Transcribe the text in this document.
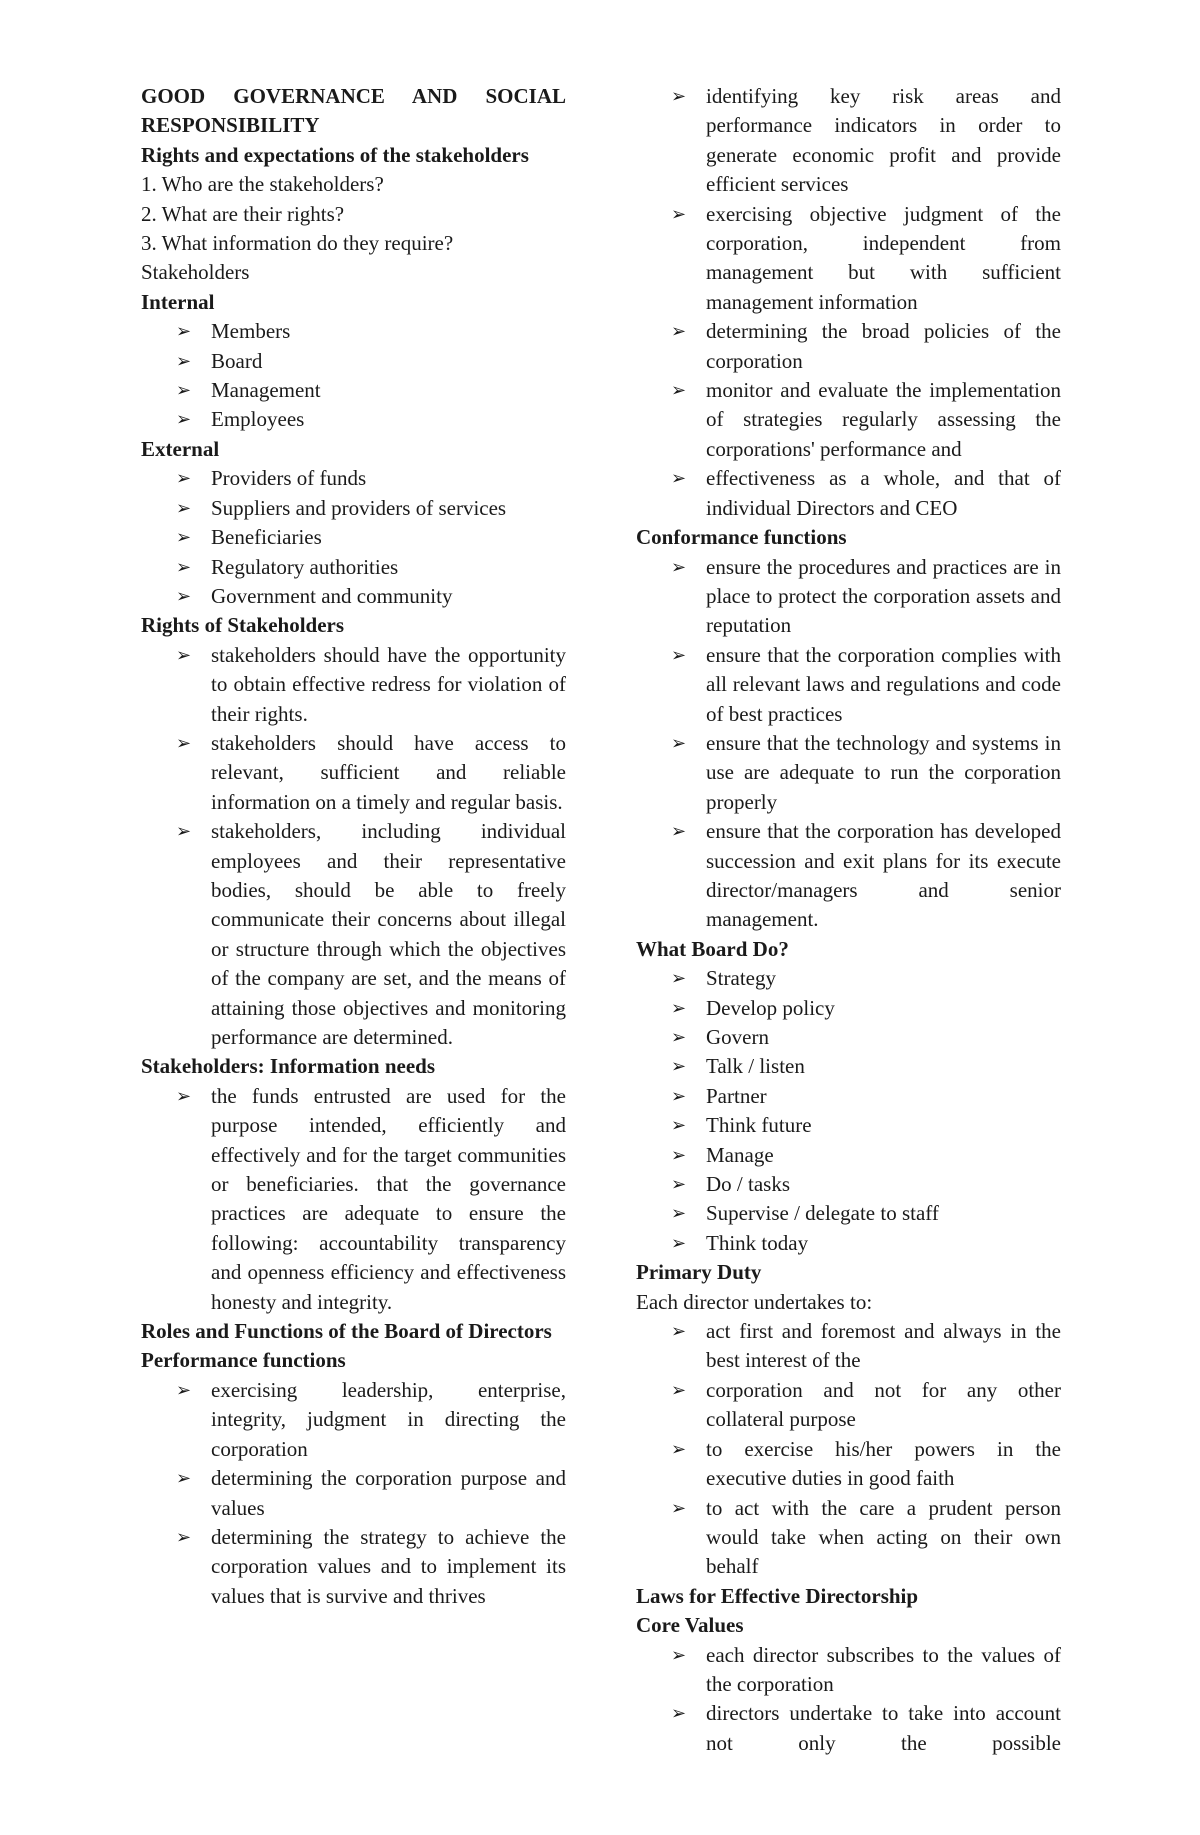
GOOD GOVERNANCE AND SOCIAL
RESPONSIBILITY
Rights and expectations of the stakeholders
1. Who are the stakeholders?
2. What are their rights?
3. What information do they require?
Stakeholders
Internal
➢ Members
➢ Board
➢ Management
➢ Employees
External
➢ Providers of funds
➢ Suppliers and providers of services
➢ Beneficiaries
➢ Regulatory authorities
➢ Government and community
Rights of Stakeholders
➢ stakeholders should have the opportunity to obtain effective redress for violation of their rights.
➢ stakeholders should have access to relevant, sufficient and reliable information on a timely and regular basis.
➢ stakeholders, including individual employees and their representative bodies, should be able to freely communicate their concerns about illegal or structure through which the objectives of the company are set, and the means of attaining those objectives and monitoring performance are determined.
Stakeholders: Information needs
➢ the funds entrusted are used for the purpose intended, efficiently and effectively and for the target communities or beneficiaries. that the governance practices are adequate to ensure the following: accountability transparency and openness efficiency and effectiveness honesty and integrity.
Roles and Functions of the Board of Directors
Performance functions
➢ exercising leadership, enterprise, integrity, judgment in directing the corporation
➢ determining the corporation purpose and values
➢ determining the strategy to achieve the corporation values and to implement its values that is survive and thrives
➢ identifying key risk areas and performance indicators in order to generate economic profit and provide efficient services
➢ exercising objective judgment of the corporation, independent from management but with sufficient management information
➢ determining the broad policies of the corporation
➢ monitor and evaluate the implementation of strategies regularly assessing the corporations' performance and
➢ effectiveness as a whole, and that of individual Directors and CEO
Conformance functions
➢ ensure the procedures and practices are in place to protect the corporation assets and reputation
➢ ensure that the corporation complies with all relevant laws and regulations and code of best practices
➢ ensure that the technology and systems in use are adequate to run the corporation properly
➢ ensure that the corporation has developed succession and exit plans for its execute director/managers and senior management.
What Board Do?
➢ Strategy
➢ Develop policy
➢ Govern
➢ Talk / listen
➢ Partner
➢ Think future
➢ Manage
➢ Do / tasks
➢ Supervise / delegate to staff
➢ Think today
Primary Duty
Each director undertakes to:
➢ act first and foremost and always in the best interest of the
➢ corporation and not for any other collateral purpose
➢ to exercise his/her powers in the executive duties in good faith
➢ to act with the care a prudent person would take when acting on their own behalf
Laws for Effective Directorship
Core Values
➢ each director subscribes to the values of the corporation
➢ directors undertake to take into account not only the possible
